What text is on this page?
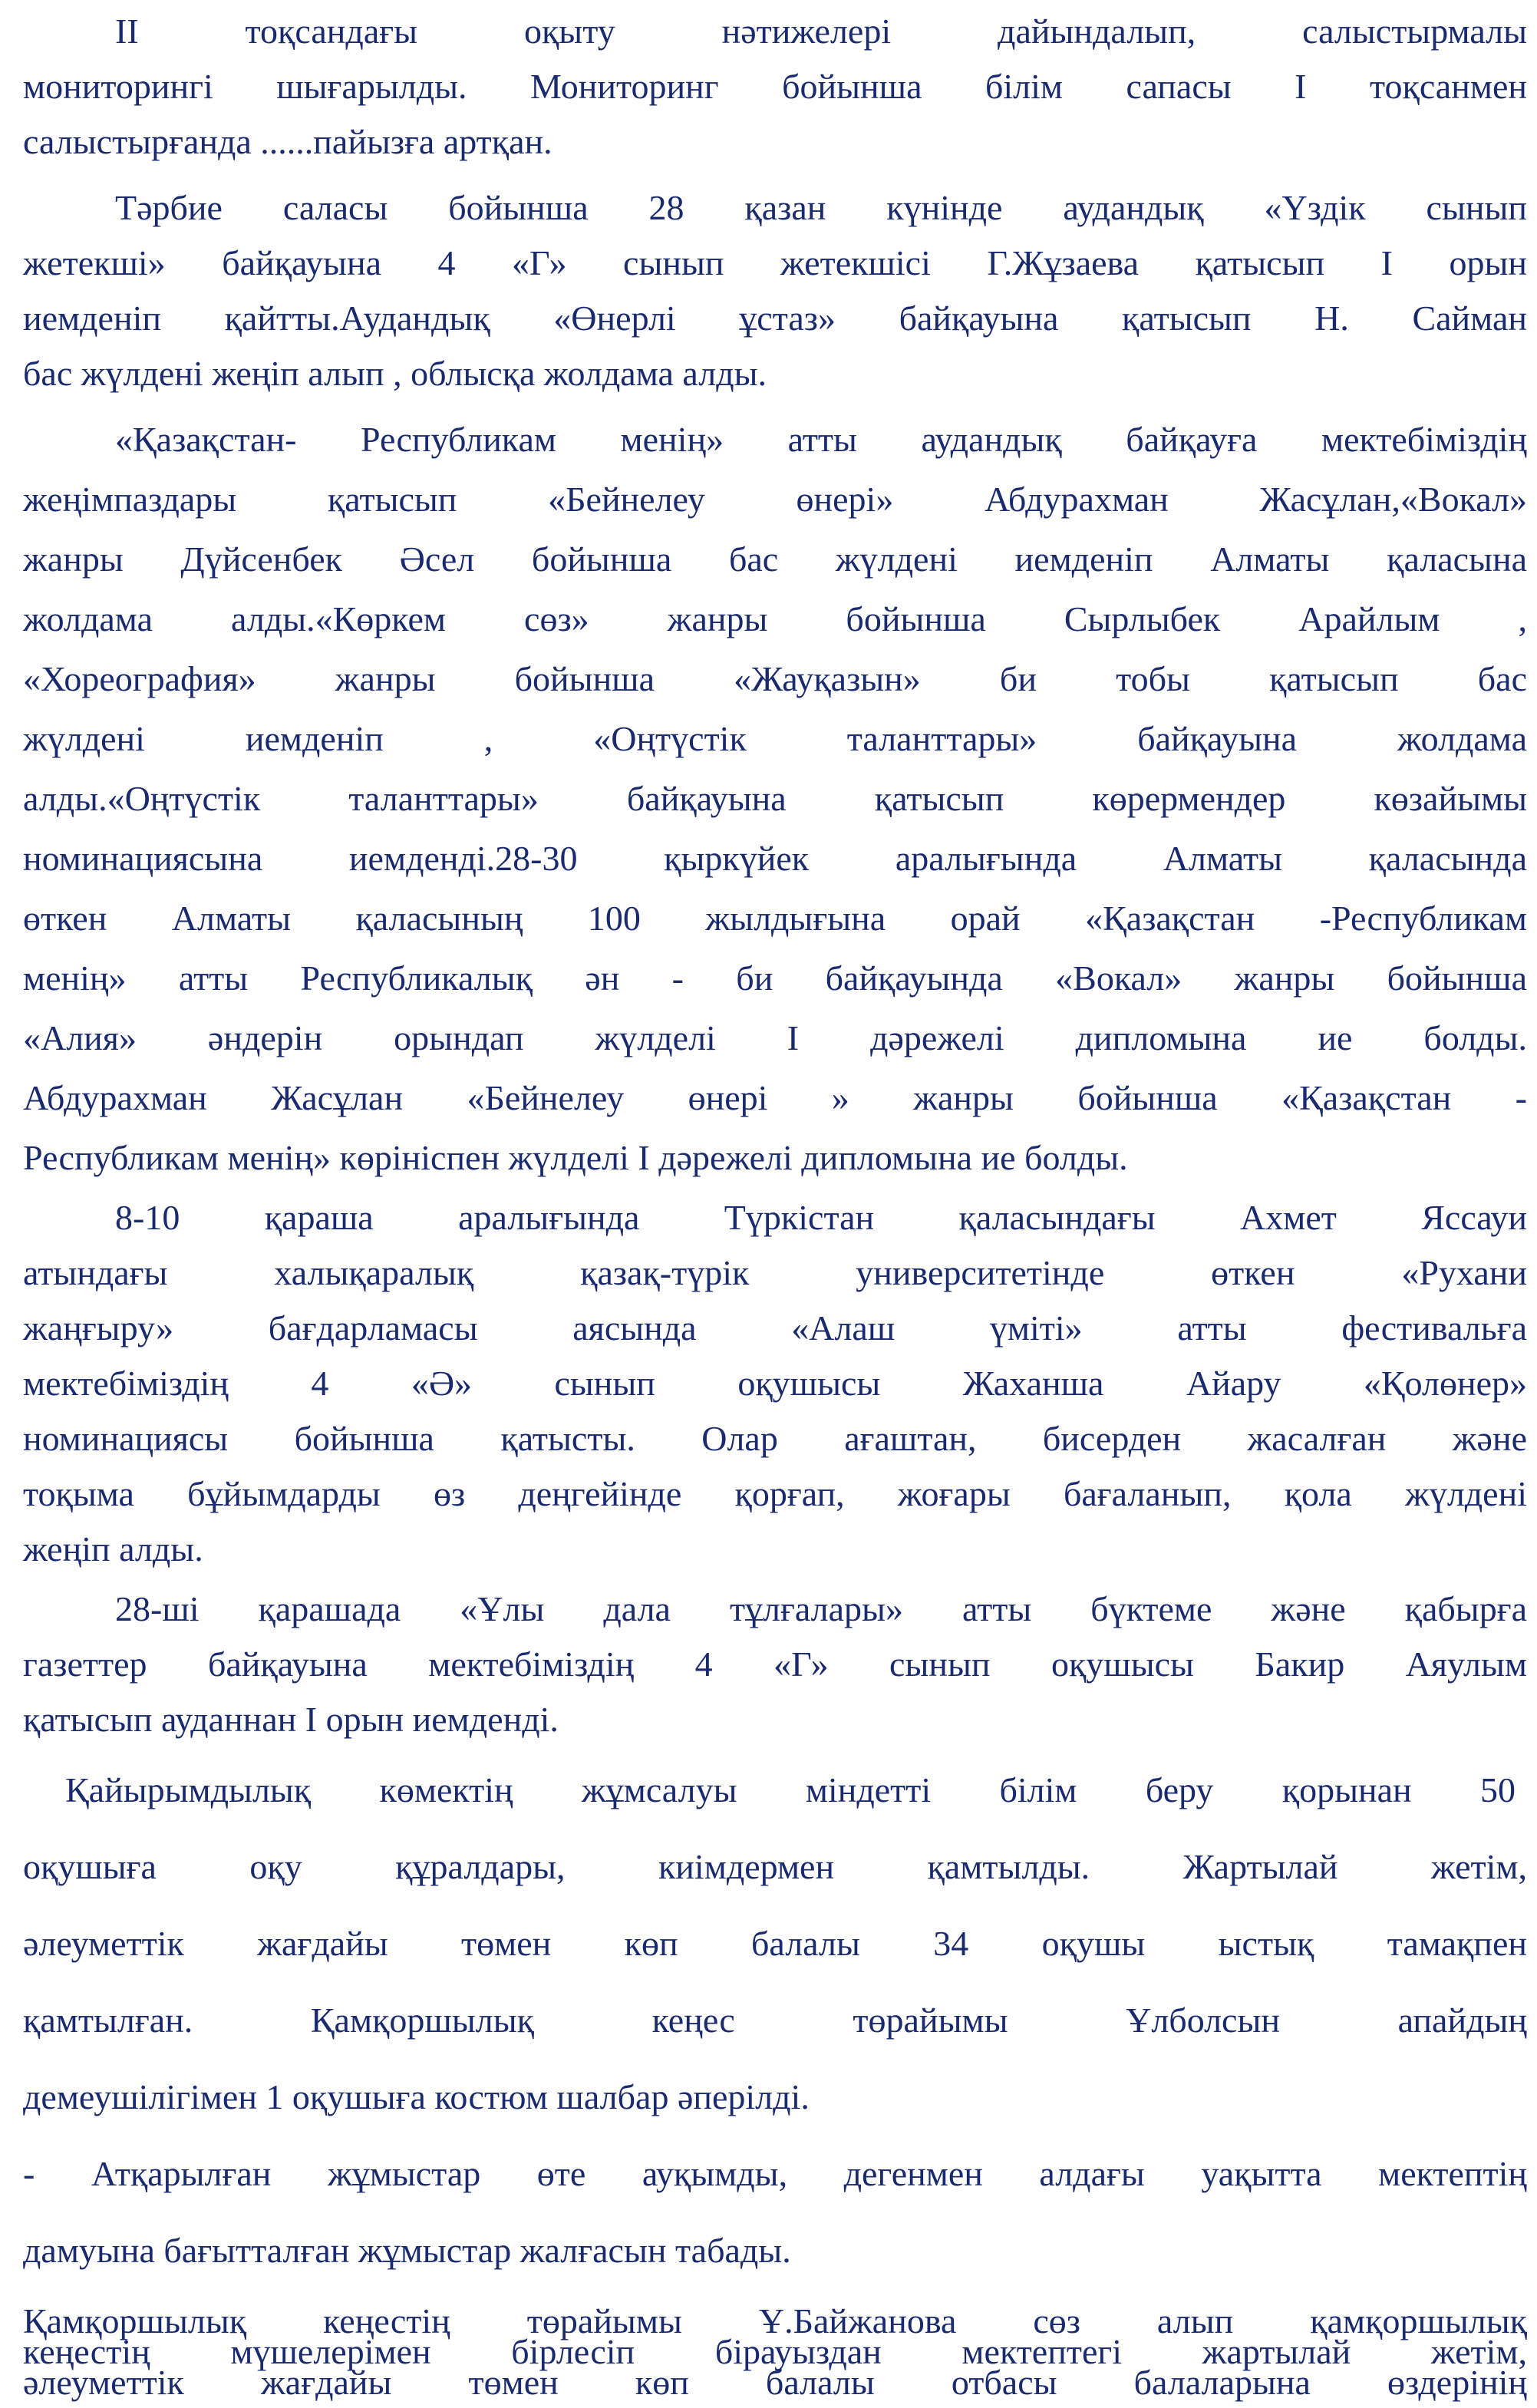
II тоқсандағы оқыту нәтижелері дайындалып, салыстырмалы
мониторингі шығарылды. Мониторинг бойынша білім сапасы І тоқсанмен
салыстырғанда ......пайызға артқан.
Тәрбие саласы бойынша 28 қазан күнінде аудандық «Үздік сынып
жетекші» байқауына 4 «Г» сынып жетекшісі Г.Жұзаева қатысып І орын
иемденіп қайтты.Аудандық «Өнерлі ұстаз» байқауына қатысып Н. Сайман
бас жүлдені жеңіп алып , облысқа жолдама алды.
«Қазақстан- Республикам менің» атты аудандық байқауға мектебіміздің
жеңімпаздары қатысып «Бейнелеу өнері» Абдурахман Жасұлан,«Вокал»
жанры Дүйсенбек Әсел бойынша бас жүлдені иемденіп Алматы қаласына
жолдама алды.«Көркем сөз» жанры бойынша Сырлыбек Арайлым ,
«Хореография» жанры бойынша «Жауқазын» би тобы қатысып бас
жүлдені иемденіп , «Оңтүстік таланттары» байқауына жолдама
алды.«Оңтүстік таланттары» байқауына қатысып көрермендер көзайымы
номинациясына иемденді.28-30 қыркүйек аралығында Алматы қаласында
өткен Алматы қаласының 100 жылдығына орай «Қазақстан -Республикам
менің» атты Республикалық ән - би байқауында «Вокал» жанры бойынша
«Алия» әндерін орындап жүлделі І дәрежелі дипломына ие болды.
Абдурахман Жасұлан «Бейнелеу өнері » жанры бойынша «Қазақстан -
Республикам менің» көрініспен жүлделі І дәрежелі дипломына ие болды.
8-10 қараша аралығында Түркістан қаласындағы Ахмет Яссауи
атындағы халықаралық қазақ-түрік университетінде өткен «Рухани
жаңғыру» бағдарламасы аясында «Алаш үміті» атты фестивальға
мектебіміздің 4 «Ә» сынып оқушысы Жаханша Айару «Қолөнер»
номинациясы бойынша қатысты. Олар ағаштан, бисерден жасалған және
тоқыма бұйымдарды өз деңгейінде қорғап, жоғары бағаланып, қола жүлдені
жеңіп алды.
28-ші қарашада «Ұлы дала тұлғалары» атты бүктеме және қабырға
газеттер байқауына мектебіміздің 4 «Г» сынып оқушысы Бакир Аяулым
қатысып ауданнан І орын иемденді.
Қайырымдылық көмектің жұмсалуы міндетті білім беру қорынан 50
оқушыға оқу құралдары, киімдермен қамтылды. Жартылай жетім,
әлеуметтік жағдайы төмен көп балалы 34 оқушы ыстық тамақпен
қамтылған. Қамқоршылық кеңес төрайымы Ұлболсын апайдың
демеушілігімен 1 оқушыға костюм шалбар әперілді.
- Атқарылған жұмыстар өте ауқымды, дегенмен алдағы уақытта мектептің
дамуына бағытталған жұмыстар жалғасын табады.
Қамқоршылық кеңестің төрайымы Ұ.Байжанова сөз алып қамқоршылық
кеңестің мүшелерімен бірлесіп бірауыздан мектептегі жартылай жетім,
әлеуметтік жағдайы төмен көп балалы отбасы балаларына өздерінің
